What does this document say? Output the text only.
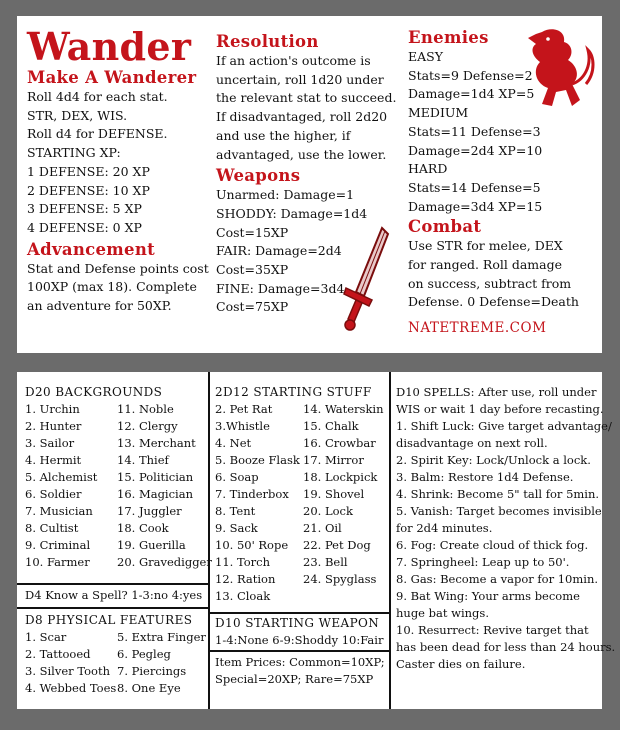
Wander
Make A Wanderer
Roll 4d4 for each stat.
STR, DEX, WIS.
Roll d4 for DEFENSE.
STARTING XP:
1 DEFENSE: 20 XP
2 DEFENSE: 10 XP
3 DEFENSE: 5 XP
4 DEFENSE: 0 XP
Advancement
Stat and Defense points cost
100XP (max 18). Complete
an adventure for 50XP.
Resolution
If an action's outcome is
uncertain, roll 1d20 under
the relevant stat to succeed.
If disadvantaged, roll 2d20
and use the higher, if
advantaged, use the lower.
Weapons
Unarmed: Damage=1
SHODDY: Damage=1d4
Cost=15XP
FAIR: Damage=2d4
Cost=35XP
FINE: Damage=3d4
Cost=75XP
Enemies
EASY
Stats=9 Defense=2
Damage=1d4 XP=5
MEDIUM
Stats=11 Defense=3
Damage=2d4 XP=10
HARD
Stats=14 Defense=5
Damage=3d4 XP=15
Combat
Use STR for melee, DEX
for ranged. Roll damage
on success, subtract from
Defense. 0 Defense=Death
NATETREME.COM
D20 BACKGROUNDS
1. Urchin
2. Hunter
3. Sailor
4. Hermit
5. Alchemist
6. Soldier
7. Musician
8. Cultist
9. Criminal
10. Farmer
11. Noble
12. Clergy
13. Merchant
14. Thief
15. Politician
16. Magician
17. Juggler
18. Cook
19. Guerilla
20. Gravedigger
D4 Know a Spell? 1-3:no 4:yes
D8 PHYSICAL FEATURES
1. Scar
2. Tattooed
3. Silver Tooth
4. Webbed Toes
5. Extra Finger
6. Pegleg
7. Piercings
8. One Eye
2D12 STARTING STUFF
2. Pet Rat
3.Whistle
4. Net
5. Booze Flask
6. Soap
7. Tinderbox
8. Tent
9. Sack
10. 50' Rope
11. Torch
12. Ration
13. Cloak
14. Waterskin
15. Chalk
16. Crowbar
17. Mirror
18. Lockpick
19. Shovel
20. Lock
21. Oil
22. Pet Dog
23. Bell
24. Spyglass
D10 STARTING WEAPON
1-4:None 6-9:Shoddy 10:Fair
Item Prices: Common=10XP;
Special=20XP; Rare=75XP
D10 SPELLS: After use, roll under
WIS or wait 1 day before recasting.
1. Shift Luck: Give target advantage/
disadvantage on next roll.
2. Spirit Key: Lock/Unlock a lock.
3. Balm: Restore 1d4 Defense.
4. Shrink: Become 5" tall for 5min.
5. Vanish: Target becomes invisible
for 2d4 minutes.
6. Fog: Create cloud of thick fog.
7. Springheel: Leap up to 50'.
8. Gas: Become a vapor for 10min.
9. Bat Wing: Your arms become
huge bat wings.
10. Resurrect: Revive target that
has been dead for less than 24 hours.
Caster dies on failure.
